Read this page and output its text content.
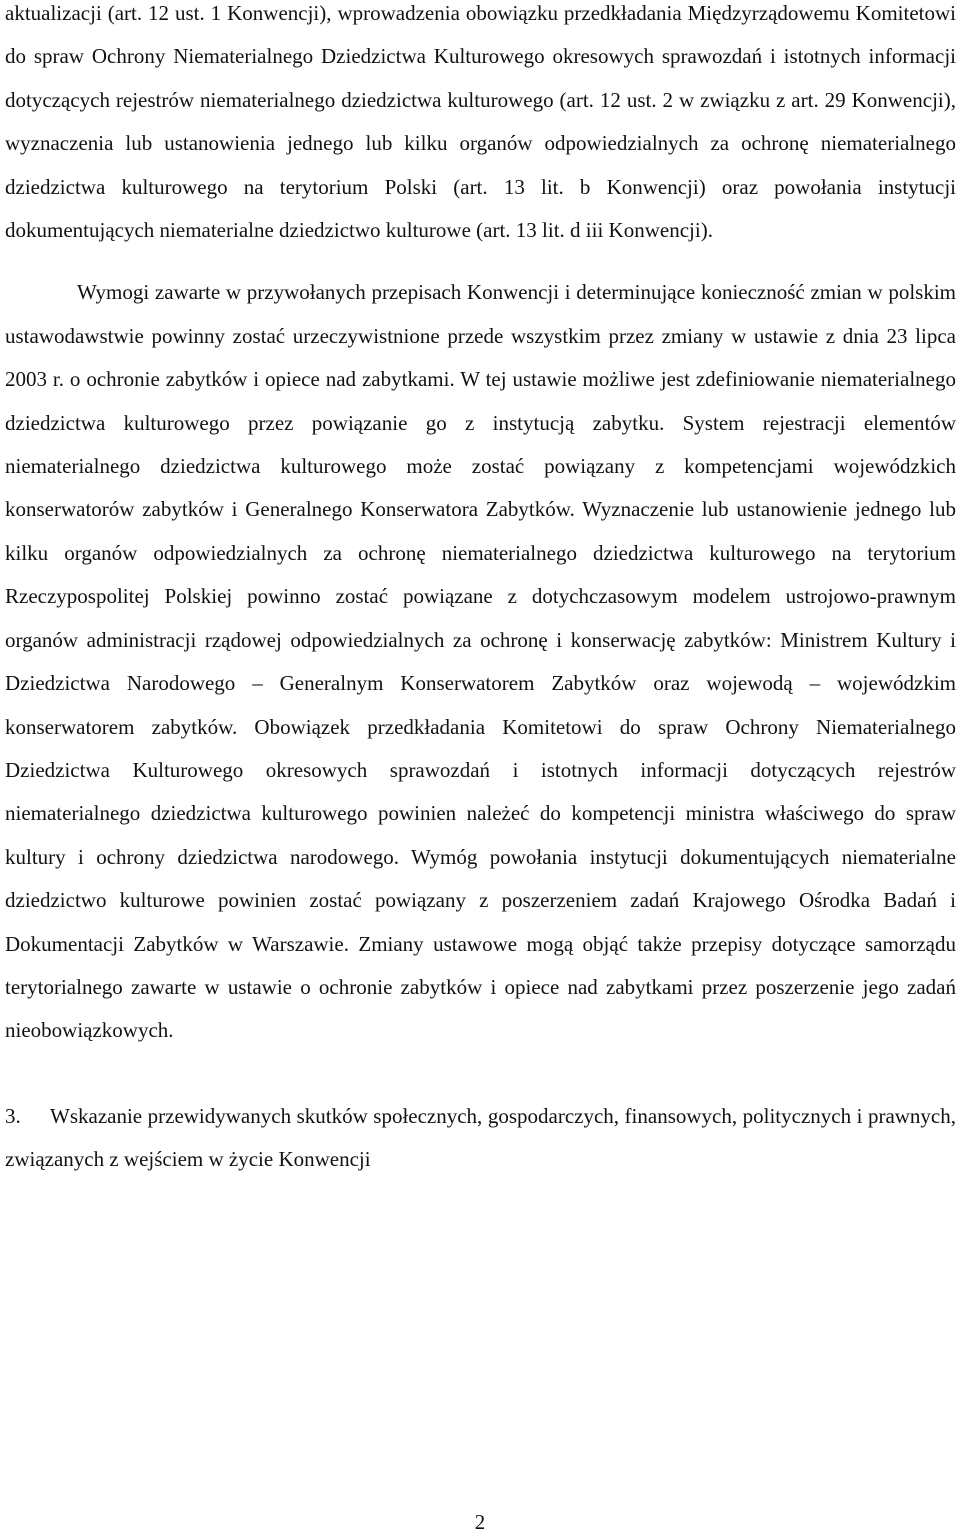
aktualizacji (art. 12 ust. 1 Konwencji), wprowadzenia obowiązku przedkładania Międzyrządowemu Komitetowi do spraw Ochrony Niematerialnego Dziedzictwa Kulturowego okresowych sprawozdań i istotnych informacji dotyczących rejestrów niematerialnego dziedzictwa kulturowego (art. 12 ust. 2 w związku z art. 29 Konwencji), wyznaczenia lub ustanowienia jednego lub kilku organów odpowiedzialnych za ochronę niematerialnego dziedzictwa kulturowego na terytorium Polski (art. 13 lit. b Konwencji) oraz powołania instytucji dokumentujących niematerialne dziedzictwo kulturowe (art. 13 lit. d iii Konwencji).

Wymogi zawarte w przywołanych przepisach Konwencji i determinujące konieczność zmian w polskim ustawodawstwie powinny zostać urzeczywistnione przede wszystkim przez zmiany w ustawie z dnia 23 lipca 2003 r. o ochronie zabytków i opiece nad zabytkami. W tej ustawie możliwe jest zdefiniowanie niematerialnego dziedzictwa kulturowego przez powiązanie go z instytucją zabytku. System rejestracji elementów niematerialnego dziedzictwa kulturowego może zostać powiązany z kompetencjami wojewódzkich konserwatorów zabytków i Generalnego Konserwatora Zabytków. Wyznaczenie lub ustanowienie jednego lub kilku organów odpowiedzialnych za ochronę niematerialnego dziedzictwa kulturowego na terytorium Rzeczypospolitej Polskiej powinno zostać powiązane z dotychczasowym modelem ustrojowo-prawnym organów administracji rządowej odpowiedzialnych za ochronę i konserwację zabytków: Ministrem Kultury i Dziedzictwa Narodowego – Generalnym Konserwatorem Zabytków oraz wojewodą – wojewódzkim konserwatorem zabytków. Obowiązek przedkładania Komitetowi do spraw Ochrony Niematerialnego Dziedzictwa Kulturowego okresowych sprawozdań i istotnych informacji dotyczących rejestrów niematerialnego dziedzictwa kulturowego powinien należeć do kompetencji ministra właściwego do spraw kultury i ochrony dziedzictwa narodowego. Wymóg powołania instytucji dokumentujących niematerialne dziedzictwo kulturowe powinien zostać powiązany z poszerzeniem zadań Krajowego Ośrodka Badań i Dokumentacji Zabytków w Warszawie. Zmiany ustawowe mogą objąć także przepisy dotyczące samorządu terytorialnego zawarte w ustawie o ochronie zabytków i opiece nad zabytkami przez poszerzenie jego zadań nieobowiązkowych.

3. Wskazanie przewidywanych skutków społecznych, gospodarczych, finansowych, politycznych i prawnych, związanych z wejściem w życie Konwencji

2
